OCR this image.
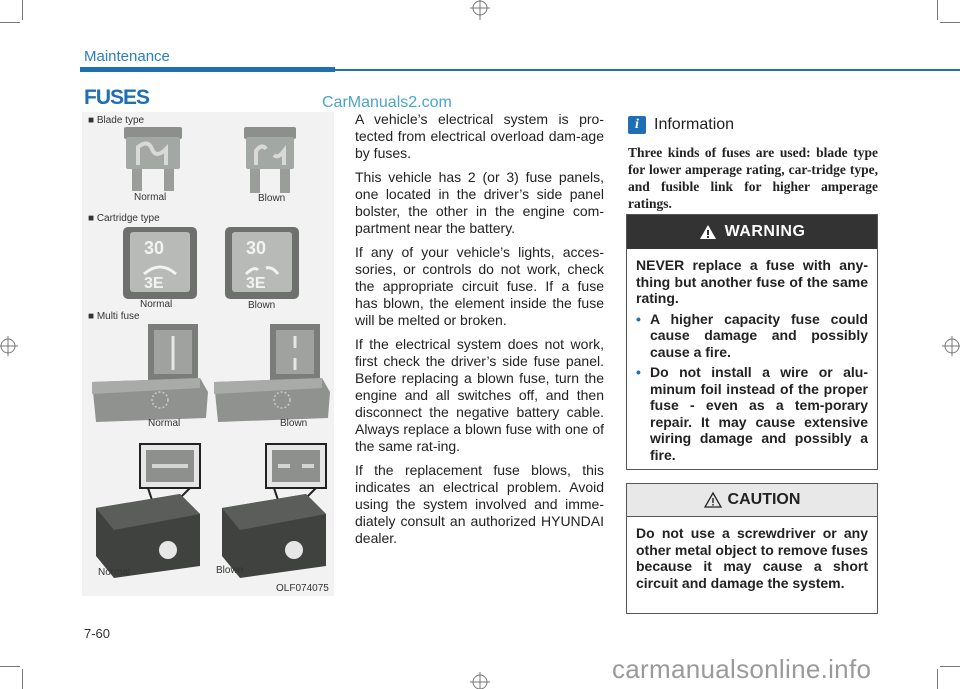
Maintenance
FUSES	CarManuals2.com
■ Blade type
Normal	Blown
■ Cartridge type
30
3E
Normal
30
3E
Blown
■ Multi fuse
Normal	Blown
Normal	Blown
OLF074075

A vehicle’s electrical system is pro-tected from electrical overload dam-age by fuses.

This vehicle has 2 (or 3) fuse panels, one located in the driver’s side panel bolster, the other in the engine com-partment near the battery.

If any of your vehicle’s lights, acces-sories, or controls do not work, check the appropriate circuit fuse. If a fuse has blown, the element inside the fuse will be melted or broken.

If the electrical system does not work, first check the driver’s side fuse panel. Before replacing a blown fuse, turn the engine and all switches off, and then disconnect the negative battery cable. Always replace a blown fuse with one of the same rat-ing.

If the replacement fuse blows, this indicates an electrical problem. Avoid using the system involved and imme-diately consult an authorized HYUNDAI dealer.

i Information
Three kinds of fuses are used: blade type for lower amperage rating, car-tridge type, and fusible link for higher amperage ratings.
WARNING
NEVER replace a fuse with any-thing but another fuse of the same rating.
• A higher capacity fuse could cause damage and possibly cause a fire.
• Do not install a wire or alu-minum foil instead of the proper fuse - even as a tem-porary repair. It may cause extensive wiring damage and possibly a fire.
CAUTION
Do not use a screwdriver or any other metal object to remove fuses because it may cause a short circuit and damage the system.
7-60
carmanualsonline.info
